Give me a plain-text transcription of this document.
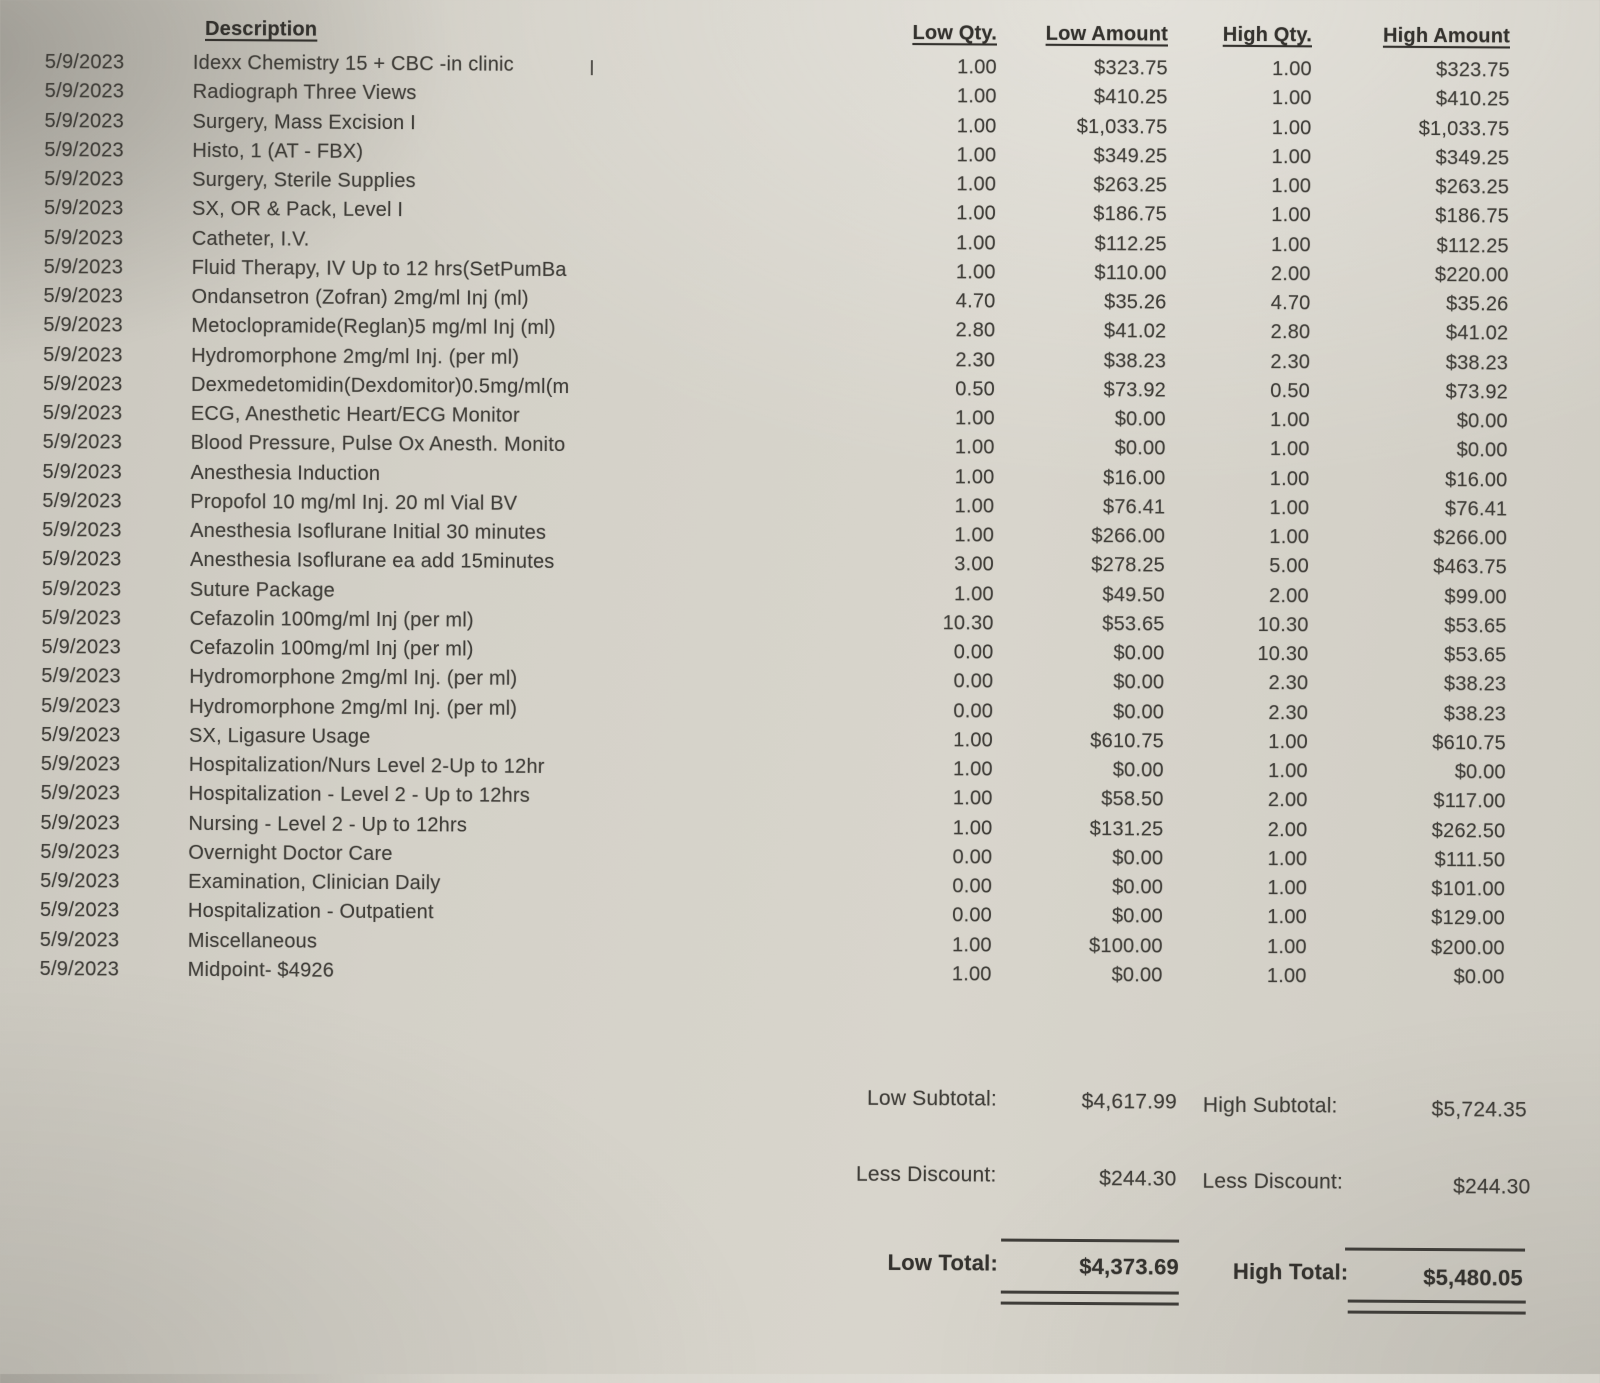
Description	Low Qty.	Low Amount	High Qty.	High Amount
5/9/2023	Idexx Chemistry 15 + CBC -in clinic	1.00	$323.75	1.00	$323.75
5/9/2023	Radiograph Three Views	1.00	$410.25	1.00	$410.25
5/9/2023	Surgery, Mass Excision I	1.00	$1,033.75	1.00	$1,033.75
5/9/2023	Histo, 1 (AT - FBX)	1.00	$349.25	1.00	$349.25
5/9/2023	Surgery, Sterile Supplies	1.00	$263.25	1.00	$263.25
5/9/2023	SX, OR & Pack, Level I	1.00	$186.75	1.00	$186.75
5/9/2023	Catheter, I.V.	1.00	$112.25	1.00	$112.25
5/9/2023	Fluid Therapy, IV Up to 12 hrs(SetPumBa	1.00	$110.00	2.00	$220.00
5/9/2023	Ondansetron (Zofran) 2mg/ml Inj (ml)	4.70	$35.26	4.70	$35.26
5/9/2023	Metoclopramide(Reglan)5 mg/ml Inj (ml)	2.80	$41.02	2.80	$41.02
5/9/2023	Hydromorphone 2mg/ml Inj. (per ml)	2.30	$38.23	2.30	$38.23
5/9/2023	Dexmedetomidin(Dexdomitor)0.5mg/ml(m	0.50	$73.92	0.50	$73.92
5/9/2023	ECG, Anesthetic Heart/ECG Monitor	1.00	$0.00	1.00	$0.00
5/9/2023	Blood Pressure, Pulse Ox Anesth. Monito	1.00	$0.00	1.00	$0.00
5/9/2023	Anesthesia Induction	1.00	$16.00	1.00	$16.00
5/9/2023	Propofol 10 mg/ml Inj. 20 ml Vial BV	1.00	$76.41	1.00	$76.41
5/9/2023	Anesthesia Isoflurane Initial 30 minutes	1.00	$266.00	1.00	$266.00
5/9/2023	Anesthesia Isoflurane ea add 15minutes	3.00	$278.25	5.00	$463.75
5/9/2023	Suture Package	1.00	$49.50	2.00	$99.00
5/9/2023	Cefazolin 100mg/ml Inj (per ml)	10.30	$53.65	10.30	$53.65
5/9/2023	Cefazolin 100mg/ml Inj (per ml)	0.00	$0.00	10.30	$53.65
5/9/2023	Hydromorphone 2mg/ml Inj. (per ml)	0.00	$0.00	2.30	$38.23
5/9/2023	Hydromorphone 2mg/ml Inj. (per ml)	0.00	$0.00	2.30	$38.23
5/9/2023	SX, Ligasure Usage	1.00	$610.75	1.00	$610.75
5/9/2023	Hospitalization/Nurs Level 2-Up to 12hr	1.00	$0.00	1.00	$0.00
5/9/2023	Hospitalization - Level 2 - Up to 12hrs	1.00	$58.50	2.00	$117.00
5/9/2023	Nursing - Level 2 - Up to 12hrs	1.00	$131.25	2.00	$262.50
5/9/2023	Overnight Doctor Care	0.00	$0.00	1.00	$111.50
5/9/2023	Examination, Clinician Daily	0.00	$0.00	1.00	$101.00
5/9/2023	Hospitalization - Outpatient	0.00	$0.00	1.00	$129.00
5/9/2023	Miscellaneous	1.00	$100.00	1.00	$200.00
5/9/2023	Midpoint- $4926	1.00	$0.00	1.00	$0.00
Low Subtotal:	$4,617.99 High Subtotal:	$5,724.35
Less Discount:	$244.30 Less Discount:	$244.30
Low Total:	$4,373.69 High Total:	$5,480.05
